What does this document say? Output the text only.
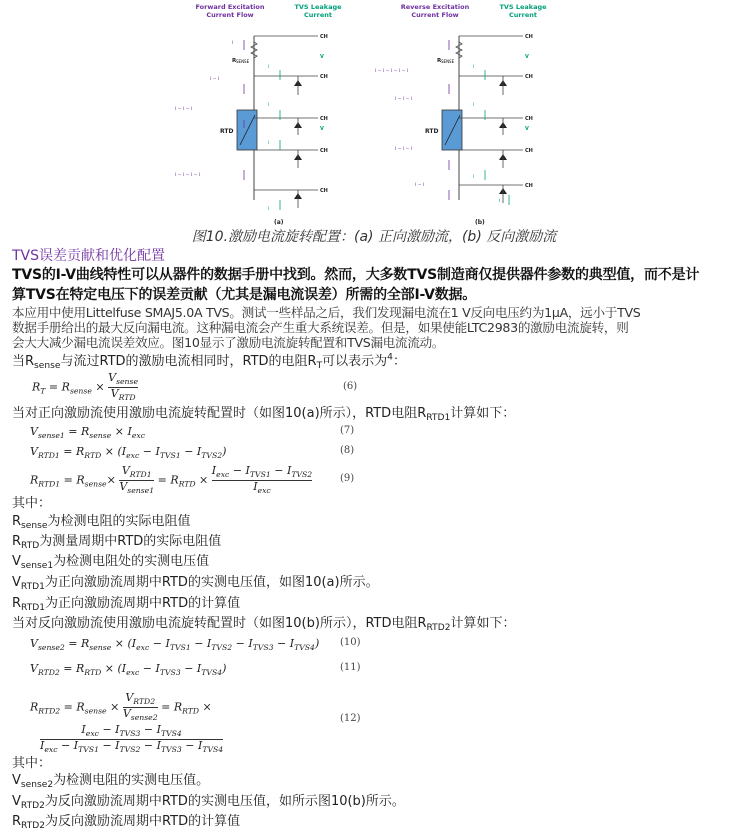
Forward Excitation
Current Flow
TVS Leakage
Current
R SENSE
RTD
CH
CH
CH
CH
CH
V
V
I
I − I
I − I − I
I − I − I − I
I
I
I
I
(a)
Reverse Excitation
Current Flow
TVS Leakage
Current
R SENSE
RTD
CH
CH
CH
CH
CH
V
V
I − I − I − I − I
I − I − I
I − I − I
I − I
I
I
I
I
(b)
图10.激励电流旋转配置：(a) 正向激励流，(b) 反向激励流
TVS误差贡献和优化配置
TVS的I-V曲线特性可以从器件的数据手册中找到。然而，大多数TVS制造商仅提供器件参数的典型值，而不是计
算TVS在特定电压下的误差贡献（尤其是漏电流误差）所需的全部I-V数据。
本应用中使用Littelfuse SMAJ5.0A TVS。测试一些样品之后，我们发现漏电流在1 V反向电压约为1μA，远小于TVS
数据手册给出的最大反向漏电流。这种漏电流会产生重大系统误差。但是，如果使能LTC2983的激励电流旋转，则
会大大减少漏电流误差效应。图10显示了激励电流旋转配置和TVS漏电流流动。
当$R_{sense}$与流过RTD的激励电流相同时，RTD的电阻$R_T$可以表示为$^4$：
$R_T = R_{sense} \times \frac{V_{sense}}{V_{RTD}}$	(6)
当对正向激励流使用激励电流旋转配置时（如图10(a)所示），RTD电阻$R_{RTD1}$计算如下：
$V_{sense1} = R_{sense} \times I_{exc}$	(7)
$V_{RTD1} = R_{RTD} \times (I_{exc} - I_{TVS1} - I_{TVS2})$	(8)
$R_{RTD1} = R_{sense}\times \frac{V_{RTD1}}{V_{sense1}} = R_{RTD} \times \frac{I_{exc} - I_{TVS1} - I_{TVS2}}{I_{exc}}$	(9)
其中：
$R_{sense}$为检测电阻的实际电阻值
$R_{RTD}$为测量周期中RTD的实际电阻值
$V_{sense1}$为检测电阻处的实测电压值
$V_{RTD1}$为正向激励流周期中RTD的实测电压值，如图10(a)所示。
$R_{RTD1}$为正向激励流周期中RTD的计算值
当对反向激励流使用激励电流旋转配置时（如图10(b)所示），RTD电阻$R_{RTD2}$计算如下：
$V_{sense2} = R_{sense} \times (I_{exc} - I_{TVS1} - I_{TVS2} - I_{TVS3} - I_{TVS4})$ (10)
$V_{RTD2} = R_{RTD} \times (I_{exc} - I_{TVS3} - I_{TVS4})$	(11)
$R_{RTD2} = R_{sense} \times \frac{V_{RTD2}}{V_{sense2}} = R_{RTD}$ ×
$\frac{I_{exc} - I_{TVS3} - I_{TVS4}}{I_{exc} - I_{TVS1} - I_{TVS2} - I_{TVS3} - I_{TVS4}}$
(12)
其中：
$V_{sense2}$为检测电阻的实测电压值。
$V_{RTD2}$为反向激励流周期中RTD的实测电压值，如所示图10(b)所示。
$R_{RTD2}$为反向激励流周期中RTD的计算值
